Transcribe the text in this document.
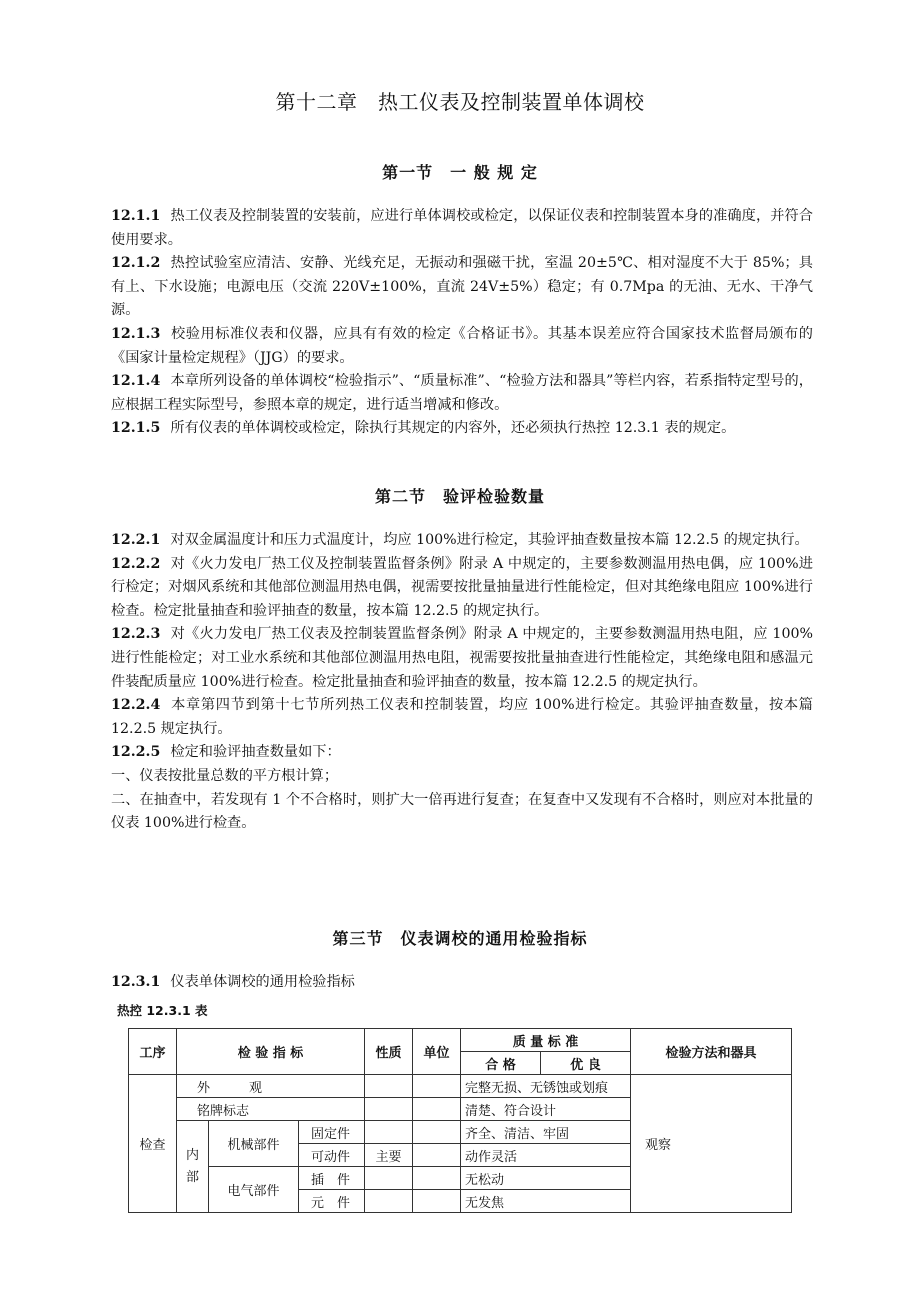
第十二章　热工仪表及控制装置单体调校
第一节　一 般 规 定

12.1.1 热工仪表及控制装置的安装前，应进行单体调校或检定，以保证仪表和控制装置本身的准确度，并符合使用要求。

12.1.2 热控试验室应清洁、安静、光线充足，无振动和强磁干扰，室温 20±5℃、相对湿度不大于 85%；具有上、下水设施；电源电压（交流 220V±100%，直流 24V±5%）稳定；有 0.7Mpa 的无油、无水、干净气源。

12.1.3 校验用标准仪表和仪器，应具有有效的检定《合格证书》。其基本误差应符合国家技术监督局颁布的《国家计量检定规程》（JJG）的要求。

12.1.4 本章所列设备的单体调校“检验指示”、“质量标准”、“检验方法和器具”等栏内容，若系指特定型号的，应根据工程实际型号，参照本章的规定，进行适当增减和修改。

12.1.5 所有仪表的单体调校或检定，除执行其规定的内容外，还必须执行热控 12.3.1 表的规定。

第二节　验评检验数量

12.2.1 对双金属温度计和压力式温度计，均应 100%进行检定，其验评抽查数量按本篇 12.2.5 的规定执行。

12.2.2 对《火力发电厂热工仪及控制装置监督条例》附录 A 中规定的，主要参数测温用热电偶，应 100%进行检定；对烟风系统和其他部位测温用热电偶，视需要按批量抽量进行性能检定，但对其绝缘电阻应 100%进行检查。检定批量抽查和验评抽查的数量，按本篇 12.2.5 的规定执行。

12.2.3 对《火力发电厂热工仪表及控制装置监督条例》附录 A 中规定的，主要参数测温用热电阻，应 100%进行性能检定；对工业水系统和其他部位测温用热电阻，视需要按批量抽查进行性能检定，其绝缘电阻和感温元件装配质量应 100%进行检查。检定批量抽查和验评抽查的数量，按本篇 12.2.5 的规定执行。

12.2.4 本章第四节到第十七节所列热工仪表和控制装置，均应 100%进行检定。其验评抽查数量，按本篇 12.2.5 规定执行。

12.2.5 检定和验评抽查数量如下：

一、仪表按批量总数的平方根计算；

二、在抽查中，若发现有 1 个不合格时，则扩大一倍再进行复查；在复查中又发现有不合格时，则应对本批量的仪表 100%进行检查。

第三节　仪表调校的通用检验指标

12.3.1 仪表单体调校的通用检验指标

热控 12.3.1 表
工序	检 验 指 标			性质	单位	质 量 标 准		检验方法和器具
						合 格	优 良	
检查	外　　　观					完整无损、无锈蚀或划痕		观察
	铭牌标志					清楚、符合设计		
	内部	机械部件	固定件			齐全、清洁、牢固		
			可动件	主要		动作灵活		
		电气部件	插　件			无松动		
			元　件			无发焦		
